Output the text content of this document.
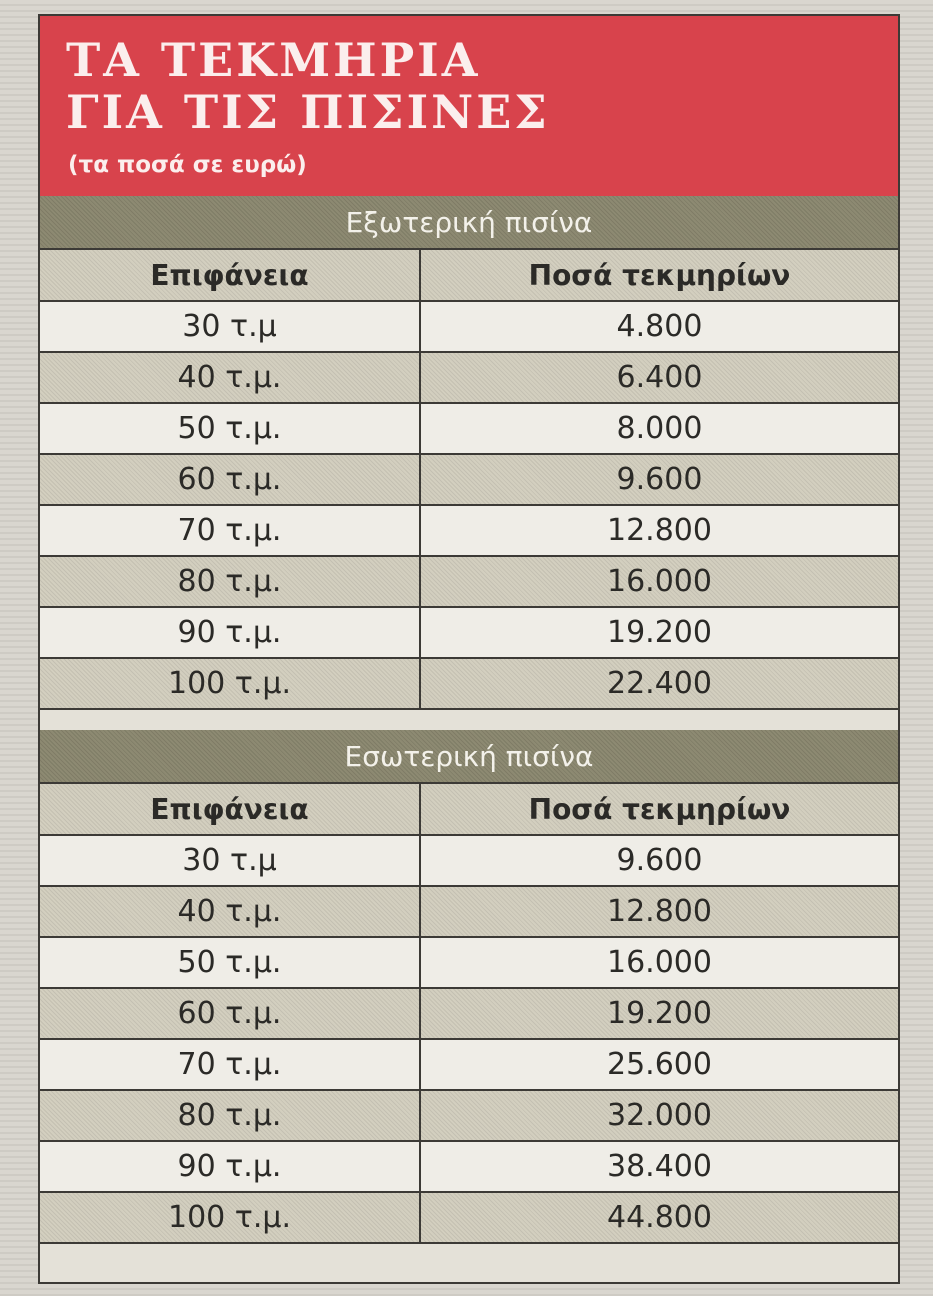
ΤΑ ΤΕΚΜΗΡΙΑ
ΓΙΑ ΤΙΣ ΠΙΣΙΝΕΣ
(τα ποσά σε ευρώ)
Εξωτερική πισίνα
Επιφάνεια	Ποσά τεκμηρίων
30 τ.μ	4.800
40 τ.μ.	6.400
50 τ.μ.	8.000
60 τ.μ.	9.600
70 τ.μ.	12.800
80 τ.μ.	16.000
90 τ.μ.	19.200
100 τ.μ.	22.400
Εσωτερική πισίνα
Επιφάνεια	Ποσά τεκμηρίων
30 τ.μ	9.600
40 τ.μ.	12.800
50 τ.μ.	16.000
60 τ.μ.	19.200
70 τ.μ.	25.600
80 τ.μ.	32.000
90 τ.μ.	38.400
100 τ.μ.	44.800
